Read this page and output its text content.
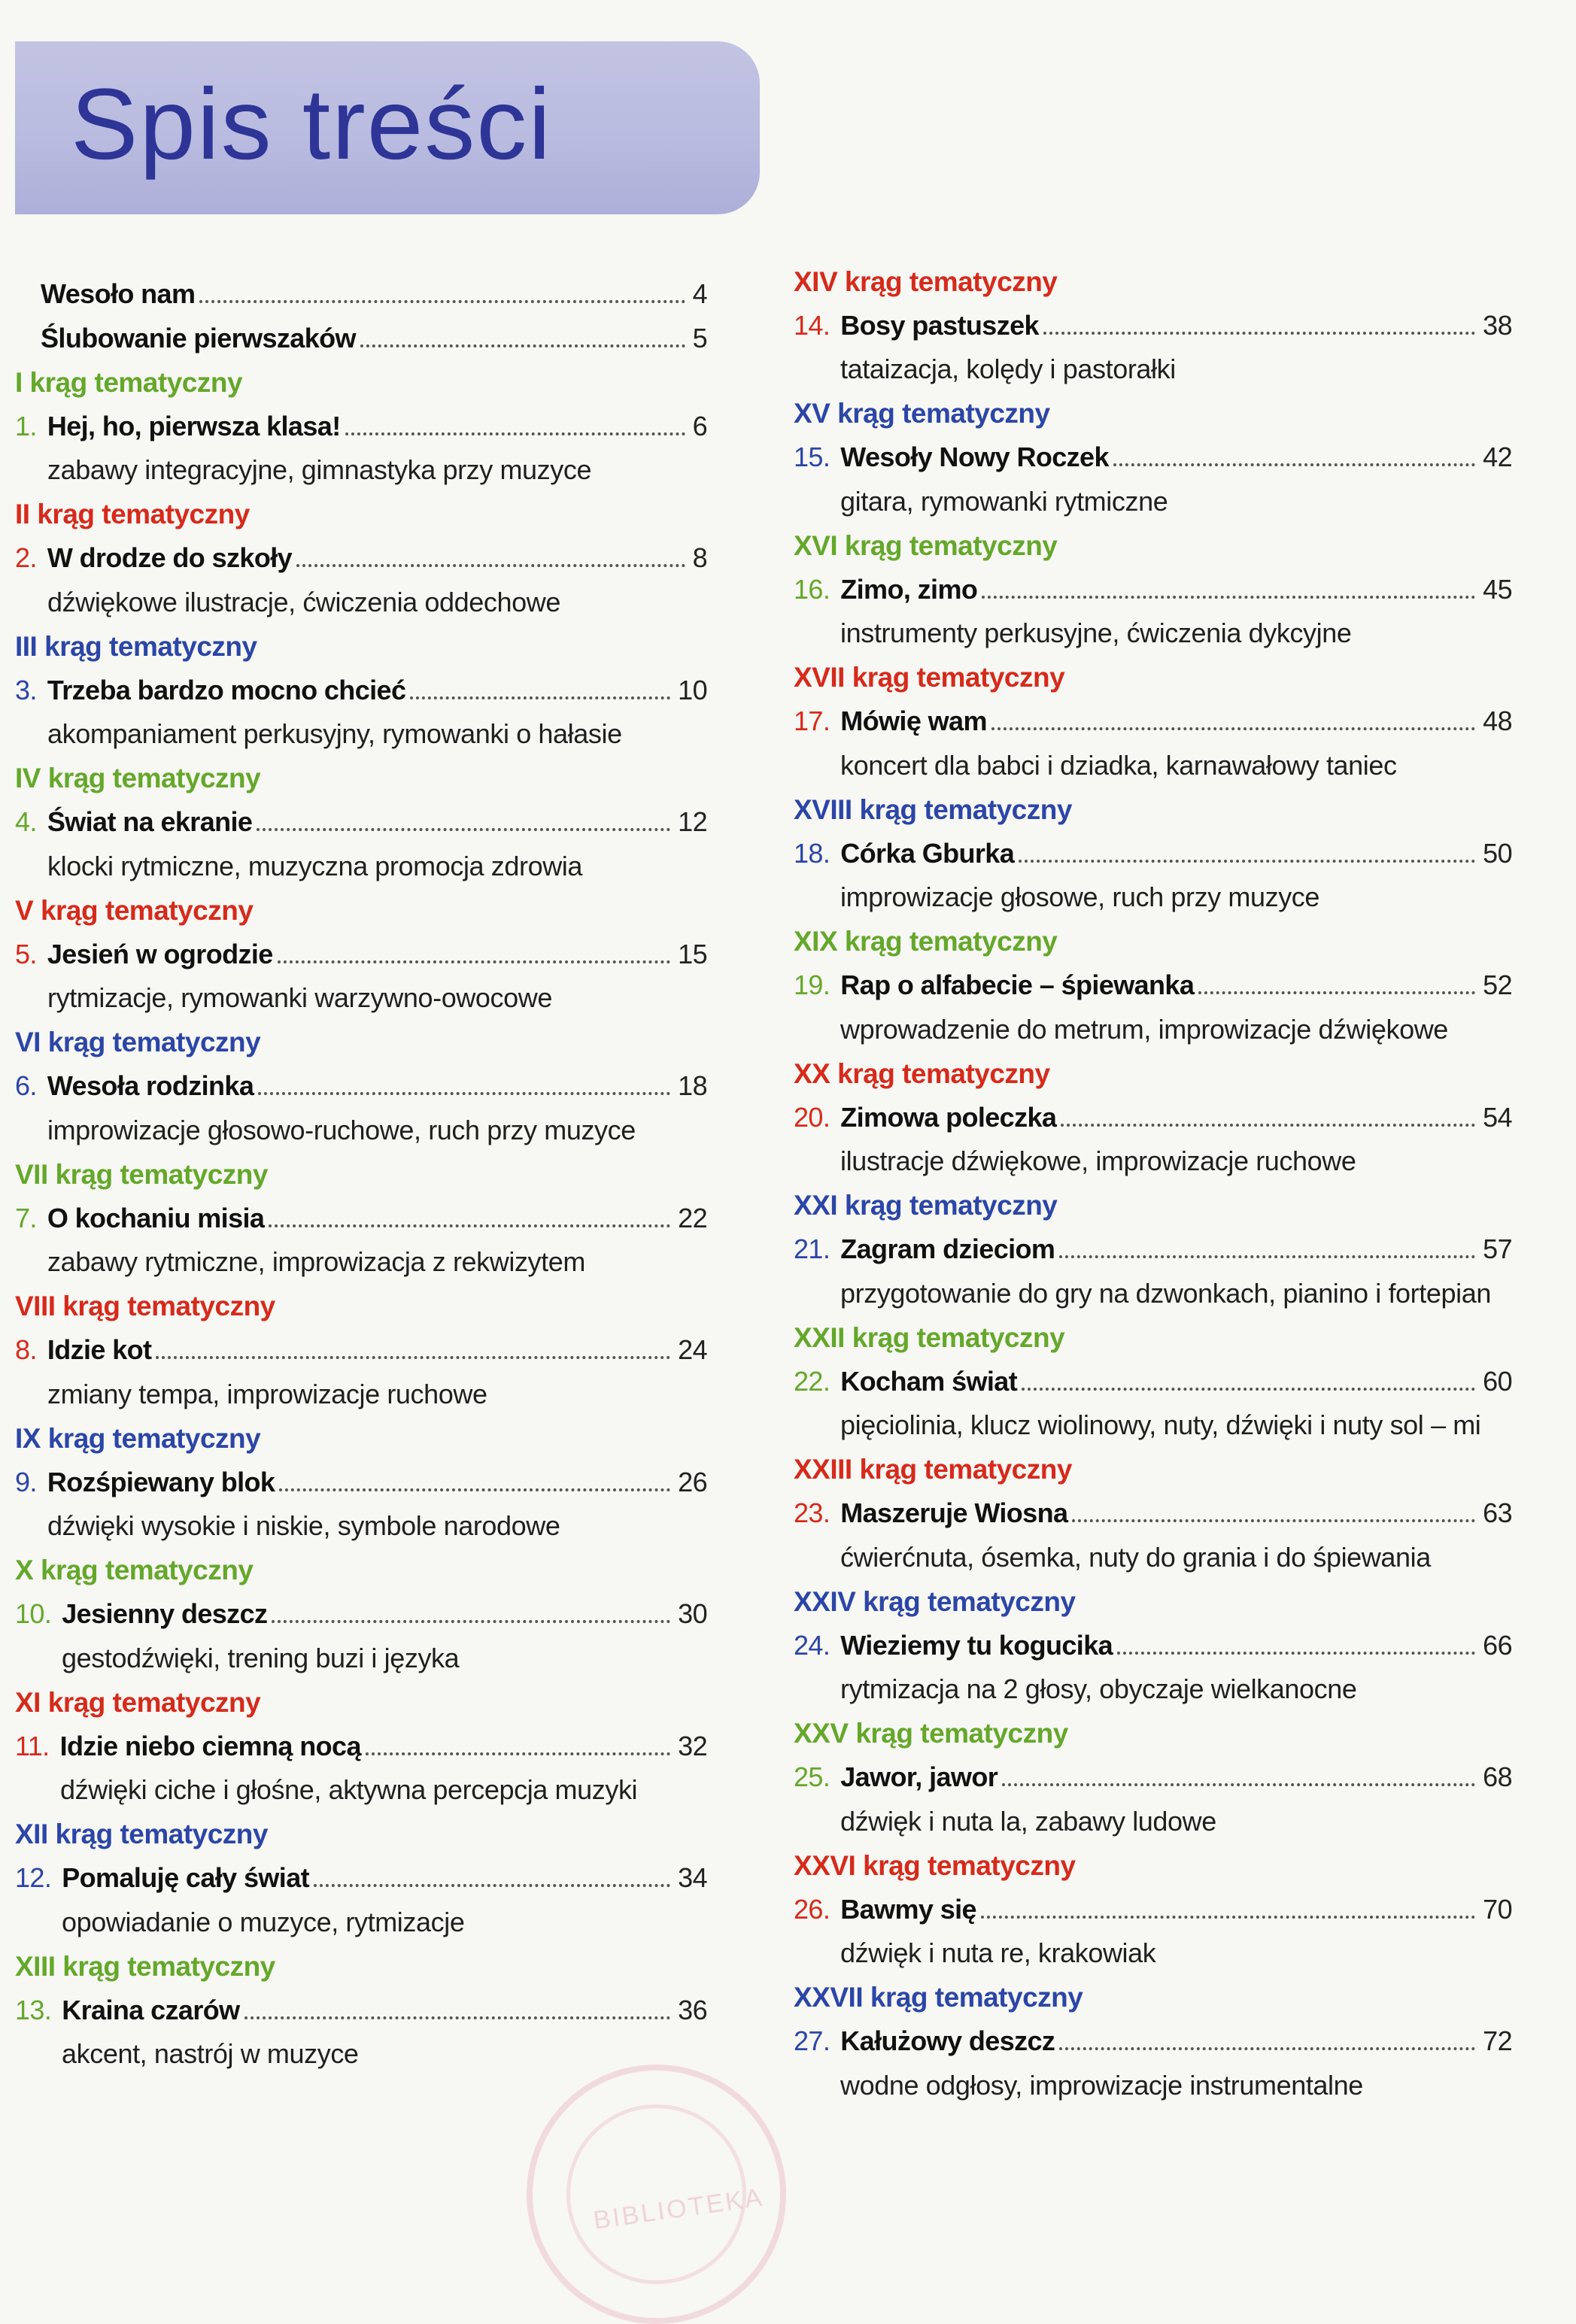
Spis treści
Wesoło nam	4
Ślubowanie pierwszaków	5
I krąg tematyczny
1. Hej, ho, pierwsza klasa!	6
zabawy integracyjne, gimnastyka przy muzyce
II krąg tematyczny
2. W drodze do szkoły	8
dźwiękowe ilustracje, ćwiczenia oddechowe
III krąg tematyczny
3. Trzeba bardzo mocno chcieć	10
akompaniament perkusyjny, rymowanki o hałasie
IV krąg tematyczny
4. Świat na ekranie	12
klocki rytmiczne, muzyczna promocja zdrowia
V krąg tematyczny
5. Jesień w ogrodzie	15
rytmizacje, rymowanki warzywno-owocowe
VI krąg tematyczny
6. Wesoła rodzinka	18
improwizacje głosowo-ruchowe, ruch przy muzyce
VII krąg tematyczny
7. O kochaniu misia	22
zabawy rytmiczne, improwizacja z rekwizytem
VIII krąg tematyczny
8. Idzie kot	24
zmiany tempa, improwizacje ruchowe
IX krąg tematyczny
9. Rozśpiewany blok	26
dźwięki wysokie i niskie, symbole narodowe
X krąg tematyczny
10. Jesienny deszcz	30
gestodźwięki, trening buzi i języka
XI krąg tematyczny
11. Idzie niebo ciemną nocą	32
dźwięki ciche i głośne, aktywna percepcja muzyki
XII krąg tematyczny
12. Pomaluję cały świat	34
opowiadanie o muzyce, rytmizacje
XIII krąg tematyczny
13. Kraina czarów	36
akcent, nastrój w muzyce
XIV krąg tematyczny
14. Bosy pastuszek	38
tataizacja, kolędy i pastorałki
XV krąg tematyczny
15. Wesoły Nowy Roczek	42
gitara, rymowanki rytmiczne
XVI krąg tematyczny
16. Zimo, zimo	45
instrumenty perkusyjne, ćwiczenia dykcyjne
XVII krąg tematyczny
17. Mówię wam	48
koncert dla babci i dziadka, karnawałowy taniec
XVIII krąg tematyczny
18. Córka Gburka	50
improwizacje głosowe, ruch przy muzyce
XIX krąg tematyczny
19. Rap o alfabecie – śpiewanka	52
wprowadzenie do metrum, improwizacje dźwiękowe
XX krąg tematyczny
20. Zimowa poleczka	54
ilustracje dźwiękowe, improwizacje ruchowe
XXI krąg tematyczny
21. Zagram dzieciom	57
przygotowanie do gry na dzwonkach, pianino i fortepian
XXII krąg tematyczny
22. Kocham świat	60
pięciolinia, klucz wiolinowy, nuty, dźwięki i nuty sol – mi
XXIII krąg tematyczny
23. Maszeruje Wiosna	63
ćwierćnuta, ósemka, nuty do grania i do śpiewania
XXIV krąg tematyczny
24. Wieziemy tu kogucika	66
rytmizacja na 2 głosy, obyczaje wielkanocne
XXV krąg tematyczny
25. Jawor, jawor	68
dźwięk i nuta la, zabawy ludowe
XXVI krąg tematyczny
26. Bawmy się	70
dźwięk i nuta re, krakowiak
XXVII krąg tematyczny
27. Kałużowy deszcz	72
wodne odgłosy, improwizacje instrumentalne
BIBLIOTEKA
